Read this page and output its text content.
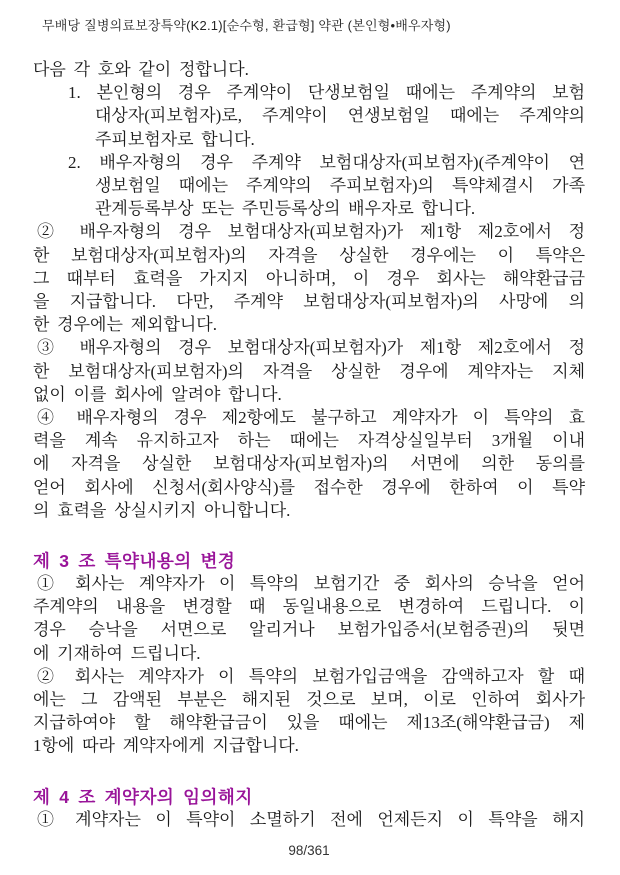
무배당 질병의료보장특약(K2.1)[순수형, 환급형] 약관 (본인형•배우자형)
다음 각 호와 같이 정합니다.
1. 본인형의 경우 주계약이 단생보험일 때에는 주계약의 보험
대상자(피보험자)로, 주계약이 연생보험일 때에는 주계약의
주피보험자로 합니다.
2. 배우자형의 경우 주계약 보험대상자(피보험자)(주계약이 연
생보험일 때에는 주계약의 주피보험자)의 특약체결시 가족
관계등록부상 또는 주민등록상의 배우자로 합니다.
② 배우자형의 경우 보험대상자(피보험자)가 제1항 제2호에서 정
한 보험대상자(피보험자)의 자격을 상실한 경우에는 이 특약은
그 때부터 효력을 가지지 아니하며, 이 경우 회사는 해약환급금
을 지급합니다. 다만, 주계약 보험대상자(피보험자)의 사망에 의
한 경우에는 제외합니다.
③ 배우자형의 경우 보험대상자(피보험자)가 제1항 제2호에서 정
한 보험대상자(피보험자)의 자격을 상실한 경우에 계약자는 지체
없이 이를 회사에 알려야 합니다.
④ 배우자형의 경우 제2항에도 불구하고 계약자가 이 특약의 효
력을 계속 유지하고자 하는 때에는 자격상실일부터 3개월 이내
에 자격을 상실한 보험대상자(피보험자)의 서면에 의한 동의를
얻어 회사에 신청서(회사양식)를 접수한 경우에 한하여 이 특약
의 효력을 상실시키지 아니합니다.
제 3 조 특약내용의 변경
① 회사는 계약자가 이 특약의 보험기간 중 회사의 승낙을 얻어
주계약의 내용을 변경할 때 동일내용으로 변경하여 드립니다. 이
경우 승낙을 서면으로 알리거나 보험가입증서(보험증권)의 뒷면
에 기재하여 드립니다.
② 회사는 계약자가 이 특약의 보험가입금액을 감액하고자 할 때
에는 그 감액된 부분은 해지된 것으로 보며, 이로 인하여 회사가
지급하여야 할 해약환급금이 있을 때에는 제13조(해약환급금) 제
1항에 따라 계약자에게 지급합니다.
제 4 조 계약자의 임의해지
① 계약자는 이 특약이 소멸하기 전에 언제든지 이 특약을 해지
98/361
